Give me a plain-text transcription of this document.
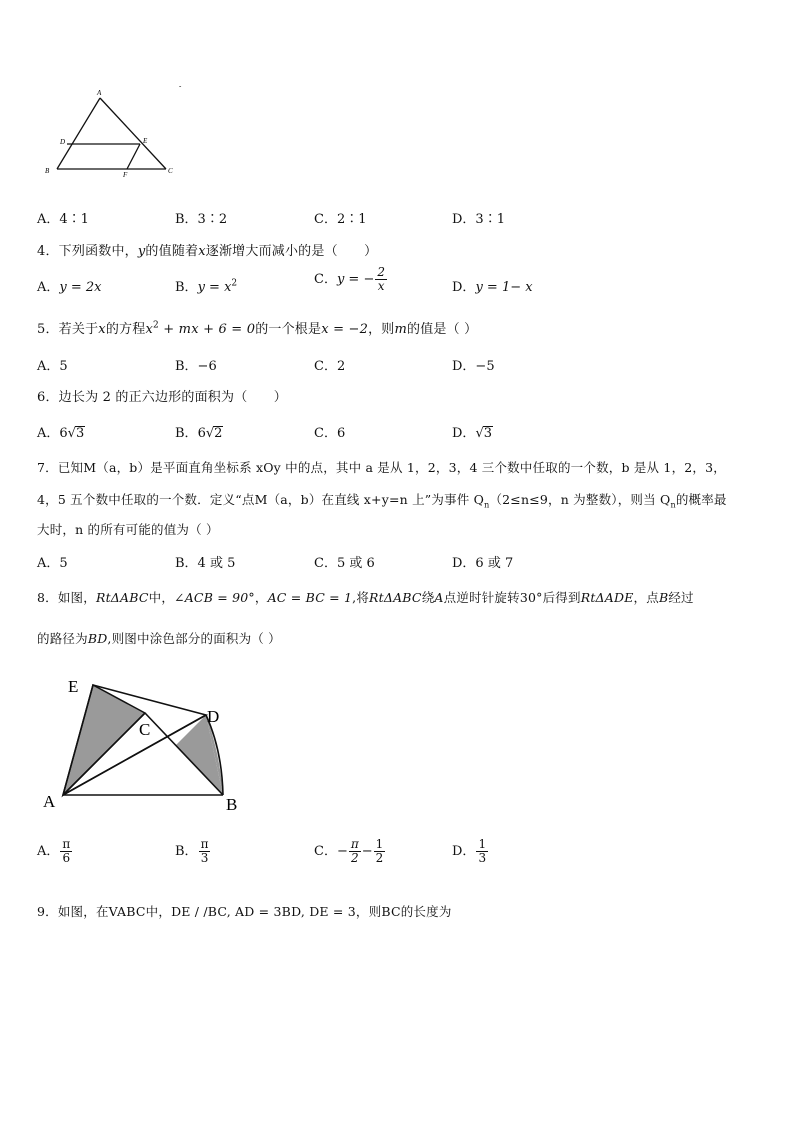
A
D	E
B	F	C
-
A．4∶1	B．3∶2	C．2∶1	D．3∶1
4．下列函数中，y的值随着x逐渐增大而减小的是（　　）
A．y = 2x	B．$y = x^2$	C．y = − $\frac{2}{x}$	D．y = 1− x
5．若关于x的方程$x^2$ + mx + 6 = 0的一个根是x = −2，则m的值是（ ）
A．5	B．−6	C．2	D．−5
6．边长为 2 的正六边形的面积为（　　）
A．6√3	B．6√2	C．6	D．√3
7．已知M（a，b）是平面直角坐标系 xOy 中的点，其中 a 是从 1，2，3，4 三个数中任取的一个数，b 是从 1，2，3，
4，5 五个数中任取的一个数．定义“点M（a，b）在直线 x+y=n 上”为事件 $Q_n(2\le n\le 9$，n 为整数），则当 $Q_n$的概率最
大时，n 的所有可能的值为（ ）
A．5	B．4 或 5	C．5 或 6	D．6 或 7
8．如图，RtΔABC中，∠ACB = 90°，AC = BC = 1,将RtΔABC绕A点逆时针旋转30°后得到RtΔADE，点B经过
的路径为BD,则图中涂色部分的面积为（ ）
E
C
D
A	B
A． $\frac{\pi}{6}$	B． $\frac{\pi}{3}$	C．− $\frac{\pi}{2} - \frac{1}{2}$	D． $\frac{1}{3}$
9．如图，在VABC中，DE / /BC, AD = 3BD, DE = 3，则BC的长度为
